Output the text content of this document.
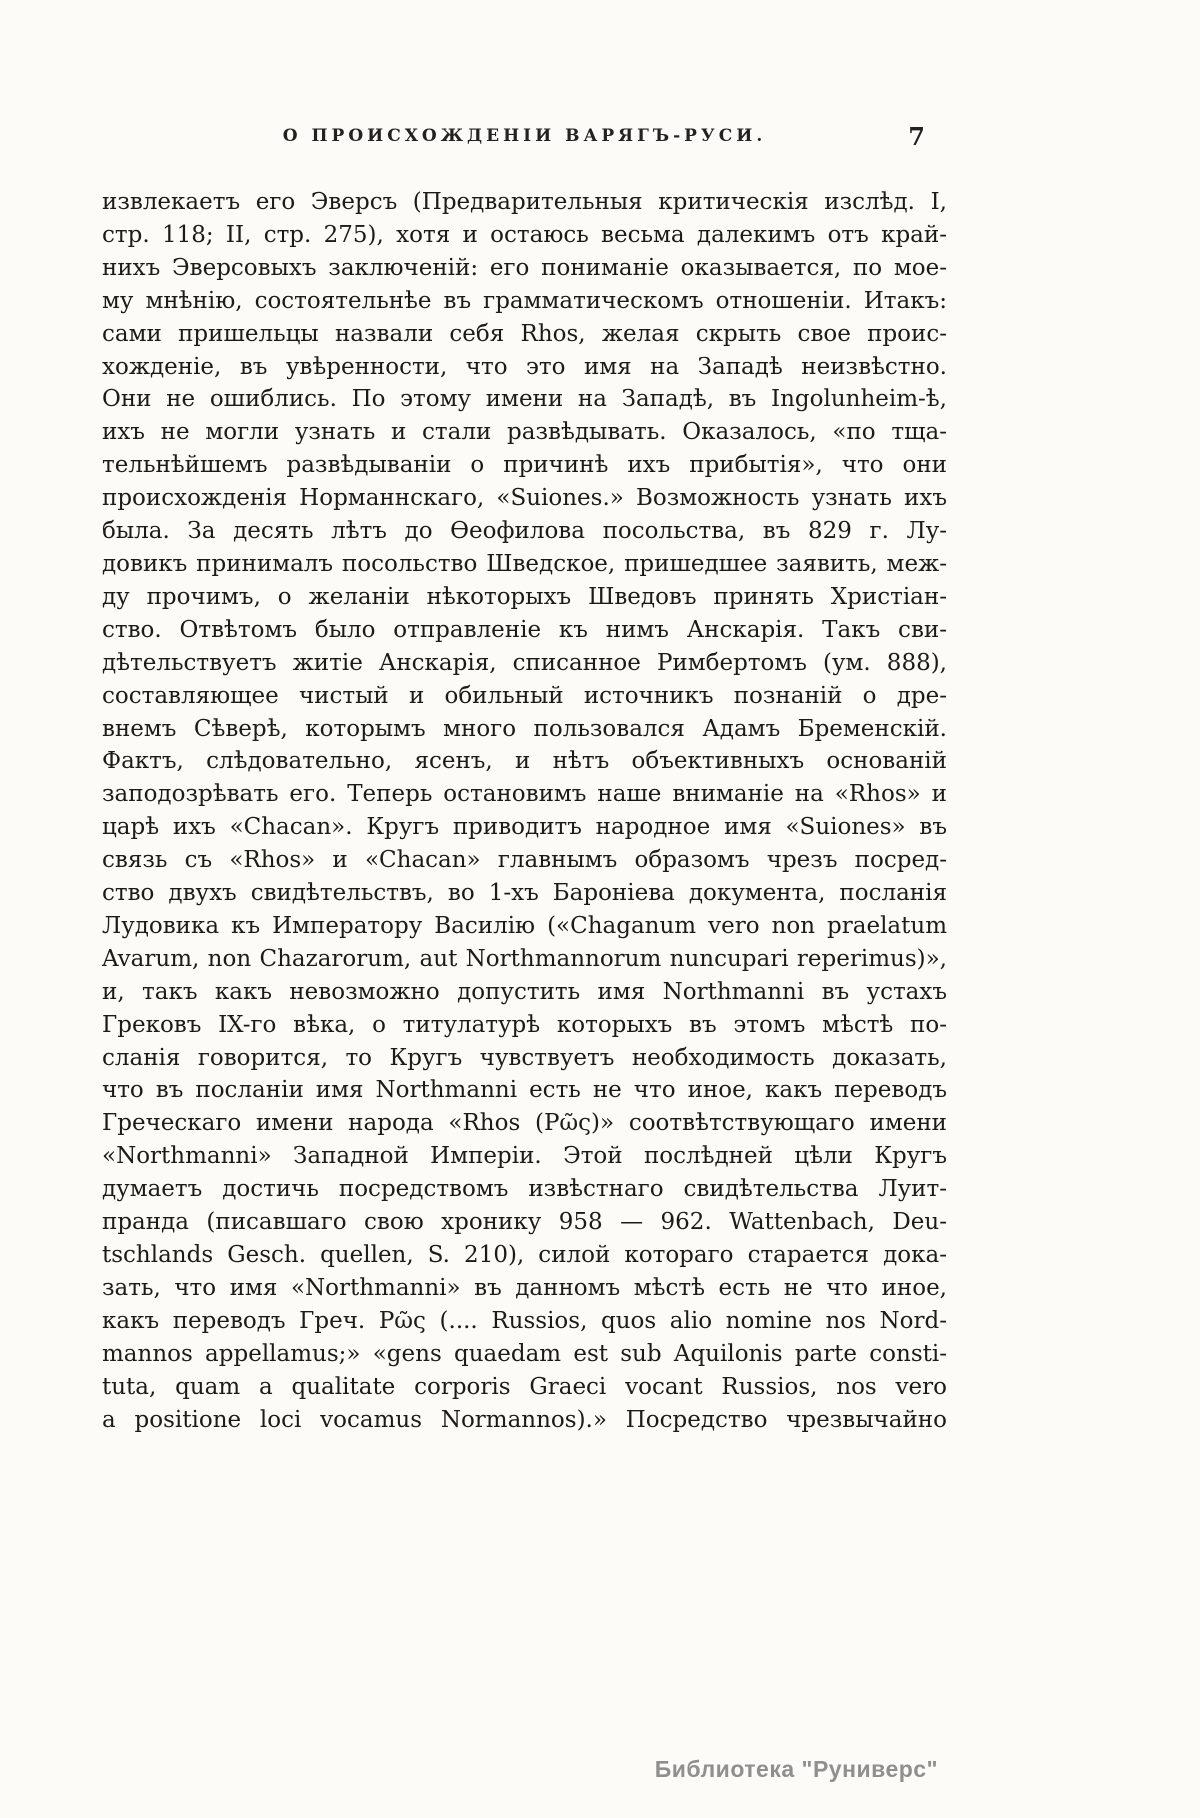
О ПРОИСХОЖДЕНІИ ВАРЯГЪ-РУСИ.	7
извлекаетъ его Эверсъ (Предварительныя критическія изслѣд. I,
стр. 118; II, стр. 275), хотя и остаюсь весьма далекимъ отъ край-
нихъ Эверсовыхъ заключеній: его пониманіе оказывается, по мое-
му мнѣнію, состоятельнѣе въ грамматическомъ отношеніи. Итакъ:
сами пришельцы назвали себя Rhos, желая скрыть свое проис-
хожденіе, въ увѣренности, что это имя на Западѣ неизвѣстно.
Они не ошиблись. По этому имени на Западѣ, въ Ingolunheim-ѣ,
ихъ не могли узнать и стали развѣдывать. Оказалось, «по тща-
тельнѣйшемъ развѣдываніи о причинѣ ихъ прибытія», что они
происхожденія Норманнскаго, «Suiones.» Возможность узнать ихъ
была. За десять лѣтъ до Ѳеофилова посольства, въ 829 г. Лу-
довикъ принималъ посольство Шведское, пришедшее заявить, меж-
ду прочимъ, о желаніи нѣкоторыхъ Шведовъ принять Христіан-
ство. Отвѣтомъ было отправленіе къ нимъ Анскарія. Такъ сви-
дѣтельствуетъ житіе Анскарія, списанное Римбертомъ (ум. 888),
составляющее чистый и обильный источникъ познаній о дре-
внемъ Сѣверѣ, которымъ много пользовался Адамъ Бременскій.
Фактъ, слѣдовательно, ясенъ, и нѣтъ объективныхъ основаній
заподозрѣвать его. Теперь остановимъ наше вниманіе на «Rhos» и
царѣ ихъ «Chacan». Кругъ приводитъ народное имя «Suiones» въ
связь съ «Rhos» и «Chacan» главнымъ образомъ чрезъ посред-
ство двухъ свидѣтельствъ, во 1-хъ Бароніева документа, посланія
Лудовика къ Императору Василію («Chaganum vero non praelatum
Avarum, non Chazarorum, aut Northmannorum nuncupari reperimus)»,
и, такъ какъ невозможно допустить имя Northmanni въ устахъ
Грековъ IX-го вѣка, о титулатурѣ которыхъ въ этомъ мѣстѣ по-
сланія говорится, то Кругъ чувствуетъ необходимость доказать,
что въ посланіи имя Northmanni есть не что иное, какъ переводъ
Греческаго имени народа «Rhos (Ρῶς)» соотвѣтствующаго имени
«Northmanni» Западной Имперіи. Этой послѣдней цѣли Кругъ
думаетъ достичь посредствомъ извѣстнаго свидѣтельства Луит-
пранда (писавшаго свою хронику 958 — 962. Wattenbach, Deu-
tschlands Gesch. quellen, S. 210), силой котораго старается дока-
зать, что имя «Northmanni» въ данномъ мѣстѣ есть не что иное,
какъ переводъ Греч. Ρῶς (.... Russios, quos alio nomine nos Nord-
mannos appellamus;» «gens quaedam est sub Aquilonis parte consti-
tuta, quam a qualitate corporis Graeci vocant Russios, nos vero
a positione loci vocamus Normannos).» Посредство чрезвычайно
Библиотека "Руниверс"
